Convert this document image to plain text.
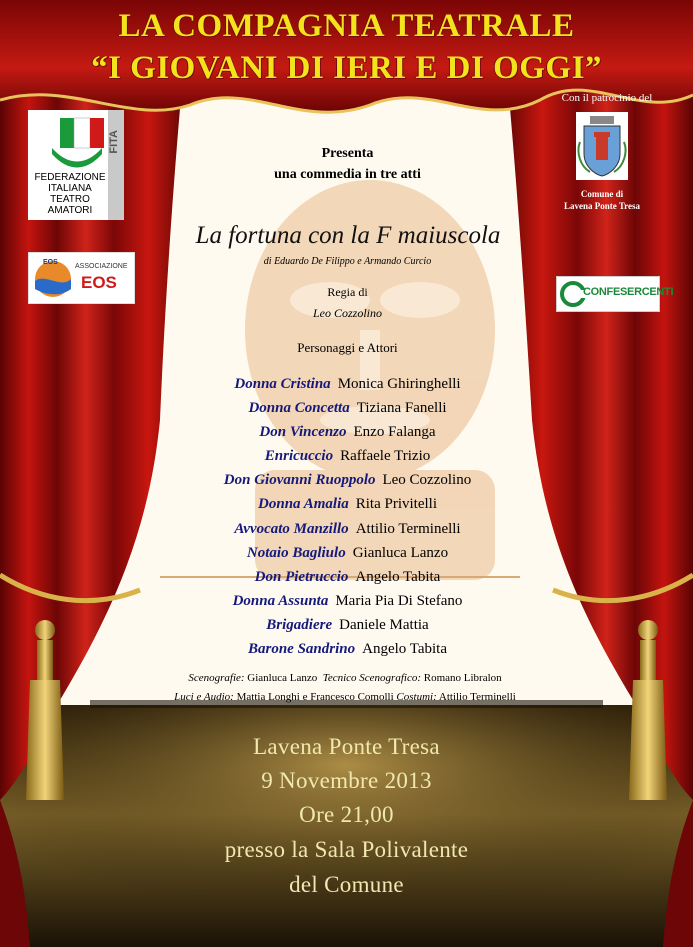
LA COMPAGNIA TEATRALE
“I GIOVANI DI IERI E DI OGGI”
FEDERAZIONE
ITALIANA
TEATRO
AMATORI
FITA
EOS
ASSOCIAZIONE
EOS
Con il patrocinio del
Comune di
Lavena Ponte Tresa
CONFESERCENTI
Presenta
una commedia in tre atti
La fortuna con la F maiuscola
di Eduardo De Filippo e Armando Curcio
Regia di
Leo Cozzolino
Personaggi e Attori
Donna Cristina Monica Ghiringhelli
Donna Concetta Tiziana Fanelli
Don Vincenzo Enzo Falanga
Enricuccio Raffaele Trizio
Don Giovanni Ruoppolo Leo Cozzolino
Donna Amalia Rita Privitelli
Avvocato Manzillo Attilio Terminelli
Notaio Bagliulo Gianluca Lanzo
Don Pietruccio Angelo Tabita
Donna Assunta Maria Pia Di Stefano
Brigadiere Daniele Mattia
Barone Sandrino Angelo Tabita
Scenografie: Gianluca Lanzo Tecnico Scenografico: Romano Libralon
Luci e Audio: Mattia Longhi e Francesco Comolli Costumi: Attilio Terminelli
Lavena Ponte Tresa
9 Novembre 2013
Ore 21,00
presso la Sala Polivalente
del Comune
